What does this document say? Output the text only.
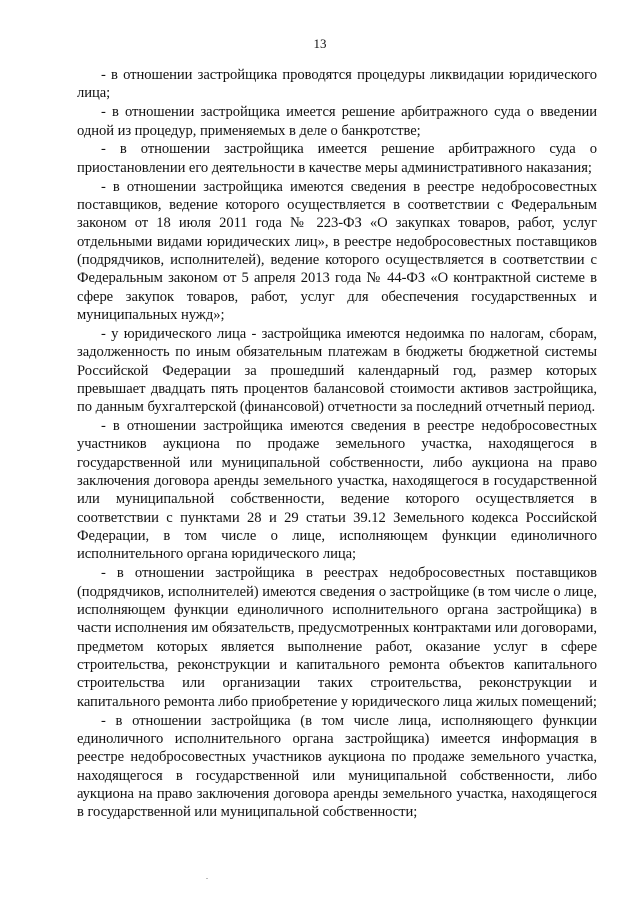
13

- в отношении застройщика проводятся процедуры ликвидации юридического лица;

- в отношении застройщика имеется решение арбитражного суда о введении одной из процедур, применяемых в деле о банкротстве;

- в отношении застройщика имеется решение арбитражного суда о приостановлении его деятельности в качестве меры административного наказания;

- в отношении застройщика имеются сведения в реестре недобросовестных поставщиков, ведение которого осуществляется в соответствии с Федеральным законом от 18 июля 2011 года № 223-ФЗ «О закупках товаров, работ, услуг отдельными видами юридических лиц», в реестре недобросовестных поставщиков (подрядчиков, исполнителей), ведение которого осуществляется в соответствии с Федеральным законом от 5 апреля 2013 года № 44-ФЗ «О контрактной системе в сфере закупок товаров, работ, услуг для обеспечения государственных и муниципальных нужд»;

- у юридического лица - застройщика имеются недоимка по налогам, сборам, задолженность по иным обязательным платежам в бюджеты бюджетной системы Российской Федерации за прошедший календарный год, размер которых превышает двадцать пять процентов балансовой стоимости активов застройщика, по данным бухгалтерской (финансовой) отчетности за последний отчетный период.

- в отношении застройщика имеются сведения в реестре недобросовестных участников аукциона по продаже земельного участка, находящегося в государственной или муниципальной собственности, либо аукциона на право заключения договора аренды земельного участка, находящегося в государственной или муниципальной собственности, ведение которого осуществляется в соответствии с пунктами 28 и 29 статьи 39.12 Земельного кодекса Российской Федерации, в том числе о лице, исполняющем функции единоличного исполнительного органа юридического лица;

- в отношении застройщика в реестрах недобросовестных поставщиков (подрядчиков, исполнителей) имеются сведения о застройщике (в том числе о лице, исполняющем функции единоличного исполнительного органа застройщика) в части исполнения им обязательств, предусмотренных контрактами или договорами, предметом которых является выполнение работ, оказание услуг в сфере строительства, реконструкции и капитального ремонта объектов капитального строительства или организации таких строительства, реконструкции и капитального ремонта либо приобретение у юридического лица жилых помещений;

- в отношении застройщика (в том числе лица, исполняющего функции единоличного исполнительного органа застройщика) имеется информация в реестре недобросовестных участников аукциона по продаже земельного участка, находящегося в государственной или муниципальной собственности, либо аукциона на право заключения договора аренды земельного участка, находящегося в государственной или муниципальной собственности;
